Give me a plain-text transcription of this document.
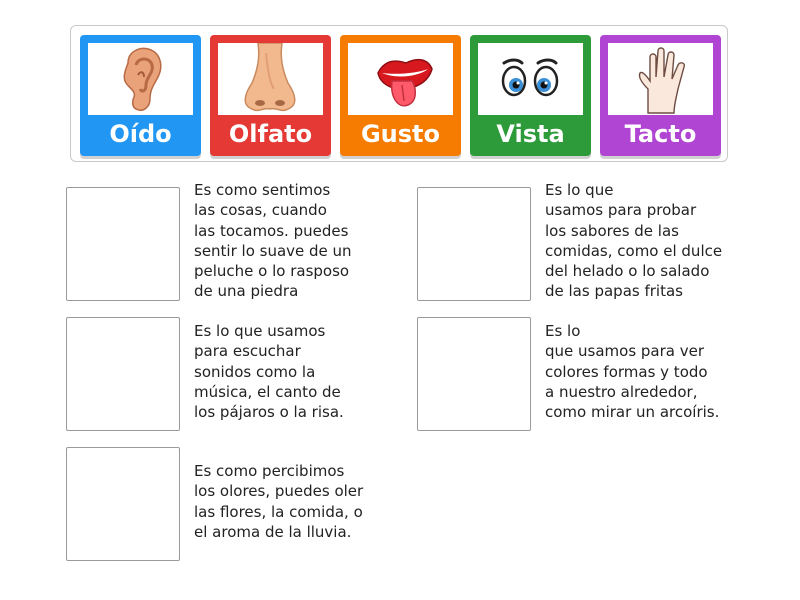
Oído	Olfato	Gusto	Vista	Tacto
Es como sentimos
las cosas, cuando
las tocamos. puedes
sentir lo suave de un
peluche o lo rasposo
de una piedra
Es lo que
usamos para probar
los sabores de las
comidas, como el dulce
del helado o lo salado
de las papas fritas
Es lo que usamos
para escuchar
sonidos como la
música, el canto de
los pájaros o la risa.
Es lo
que usamos para ver
colores formas y todo
a nuestro alrededor,
como mirar un arcoíris.
Es como percibimos
los olores, puedes oler
las flores, la comida, o
el aroma de la lluvia.
